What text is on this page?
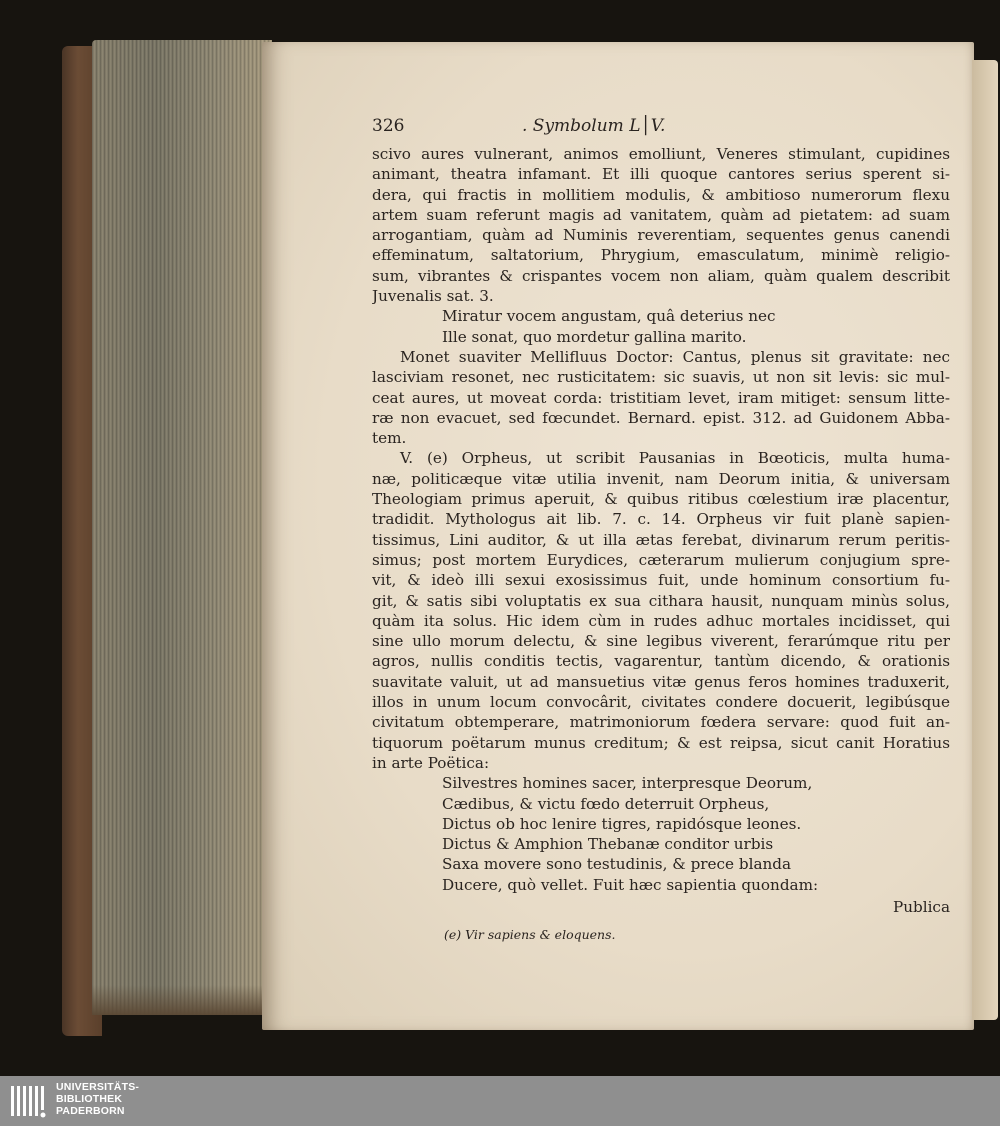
326	. Symbolum L│V.
scivo aures vulnerant, animos emolliunt, Veneres stimulant, cupidines
animant, theatra infamant. Et illi quoque cantores serius sperent si-
dera, qui fractis in mollitiem modulis, & ambitioso numerorum flexu
artem suam referunt magis ad vanitatem, quàm ad pietatem: ad suam
arrogantiam, quàm ad Numinis reverentiam, sequentes genus canendi
effeminatum, saltatorium, Phrygium, emasculatum, minimè religio-
sum, vibrantes & crispantes vocem non aliam, quàm qualem describit
Juvenalis sat. 3.
Miratur vocem angustam, quâ deterius nec
Ille sonat, quo mordetur gallina marito.
Monet suaviter Mellifluus Doctor: Cantus, plenus sit gravitate: nec
lasciviam resonet, nec rusticitatem: sic suavis, ut non sit levis: sic mul-
ceat aures, ut moveat corda: tristitiam levet, iram mitiget: sensum litte-
ræ non evacuet, sed fœcundet. Bernard. epist. 312. ad Guidonem Abba-
tem.
V. (e) Orpheus, ut scribit Pausanias in Bœoticis, multa huma-
næ, politicæque vitæ utilia invenit, nam Deorum initia, & universam
Theologiam primus aperuit, & quibus ritibus cœlestium iræ placentur,
tradidit. Mythologus ait lib. 7. c. 14. Orpheus vir fuit planè sapien-
tissimus, Lini auditor, & ut illa ætas ferebat, divinarum rerum peritis-
simus; post mortem Eurydices, cæterarum mulierum conjugium spre-
vit, & ideò illi sexui exosissimus fuit, unde hominum consortium fu-
git, & satis sibi voluptatis ex sua cithara hausit, nunquam minùs solus,
quàm ita solus. Hic idem cùm in rudes adhuc mortales incidisset, qui
sine ullo morum delectu, & sine legibus viverent, ferarúmque ritu per
agros, nullis conditis tectis, vagarentur, tantùm dicendo, & orationis
suavitate valuit, ut ad mansuetius vitæ genus feros homines traduxerit,
illos in unum locum convocârit, civitates condere docuerit, legibúsque
civitatum obtemperare, matrimoniorum fœdera servare: quod fuit an-
tiquorum poëtarum munus creditum; & est reipsa, sicut canit Horatius
in arte Poëtica:
Silvestres homines sacer, interpresque Deorum,
Cædibus, & victu fœdo deterruit Orpheus,
Dictus ob hoc lenire tigres, rapidósque leones.
Dictus & Amphion Thebanæ conditor urbis
Saxa movere sono testudinis, & prece blanda
Ducere, quò vellet. Fuit hæc sapientia quondam:
Publica
(e) Vir sapiens & eloquens.
UNIVERSITÄTS-
BIBLIOTHEK
PADERBORN
